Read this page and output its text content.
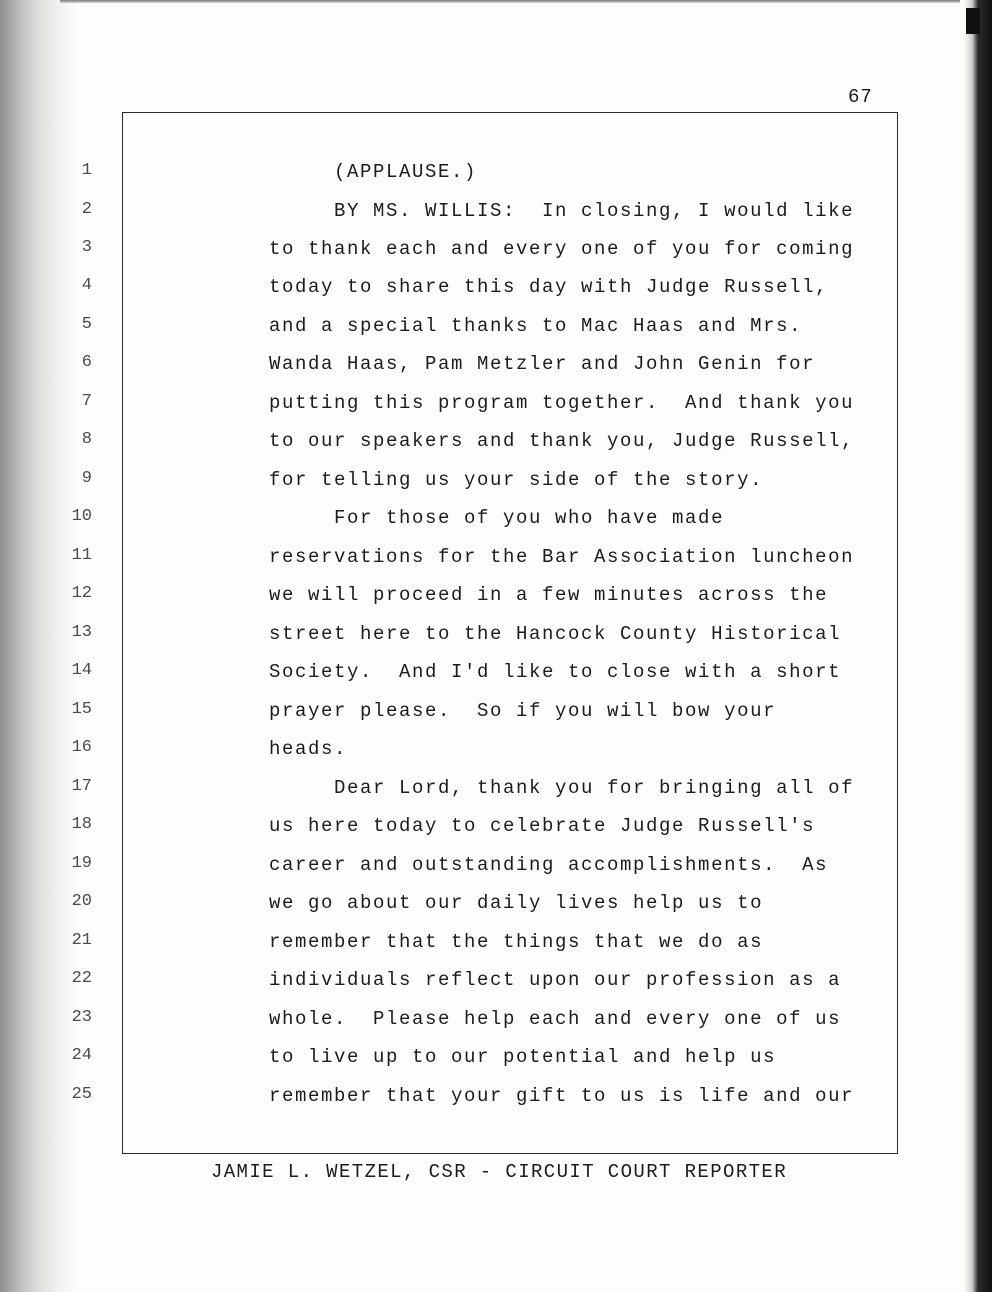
67
1
2
3
4
5
6
7
8
9
10
11
12
13
14
15
16
17
18
19
20
21
22
23
24
25
(APPLAUSE.)
BY MS. WILLIS:  In closing, I would like
to thank each and every one of you for coming
today to share this day with Judge Russell,
and a special thanks to Mac Haas and Mrs.
Wanda Haas, Pam Metzler and John Genin for
putting this program together.  And thank you
to our speakers and thank you, Judge Russell,
for telling us your side of the story.
For those of you who have made
reservations for the Bar Association luncheon
we will proceed in a few minutes across the
street here to the Hancock County Historical
Society.  And I'd like to close with a short
prayer please.  So if you will bow your
heads.
Dear Lord, thank you for bringing all of
us here today to celebrate Judge Russell's
career and outstanding accomplishments.  As
we go about our daily lives help us to
remember that the things that we do as
individuals reflect upon our profession as a
whole.  Please help each and every one of us
to live up to our potential and help us
remember that your gift to us is life and our
JAMIE L. WETZEL, CSR - CIRCUIT COURT REPORTER
